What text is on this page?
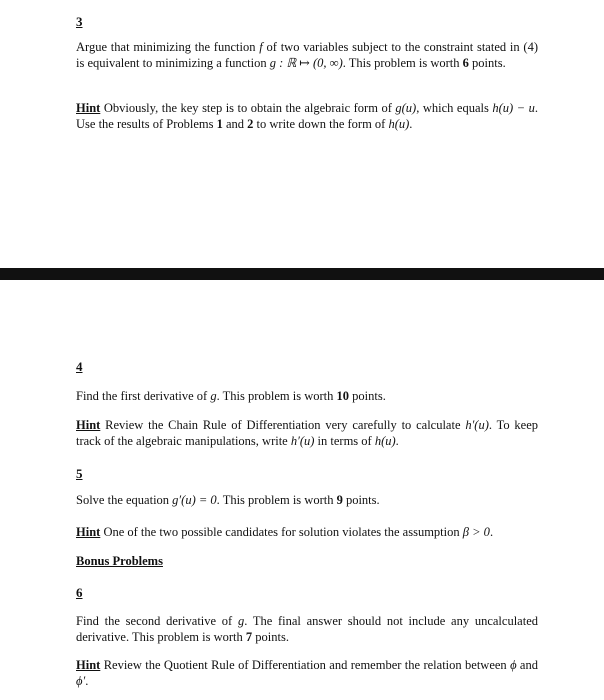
3
Argue that minimizing the function f of two variables subject to the constraint stated in (4) is equivalent to minimizing a function g : ℝ ↦ (0, ∞). This problem is worth 6 points.
Hint Obviously, the key step is to obtain the algebraic form of g(u), which equals h(u) − u. Use the results of Problems 1 and 2 to write down the form of h(u).
4
Find the first derivative of g. This problem is worth 10 points.
Hint Review the Chain Rule of Differentiation very carefully to calculate h′(u). To keep track of the algebraic manipulations, write h′(u) in terms of h(u).
5
Solve the equation g′(u) = 0. This problem is worth 9 points.
Hint One of the two possible candidates for solution violates the assumption β > 0.
Bonus Problems
6
Find the second derivative of g. The final answer should not include any uncalculated derivative. This problem is worth 7 points.
Hint Review the Quotient Rule of Differentiation and remember the relation between ϕ and ϕ′.
